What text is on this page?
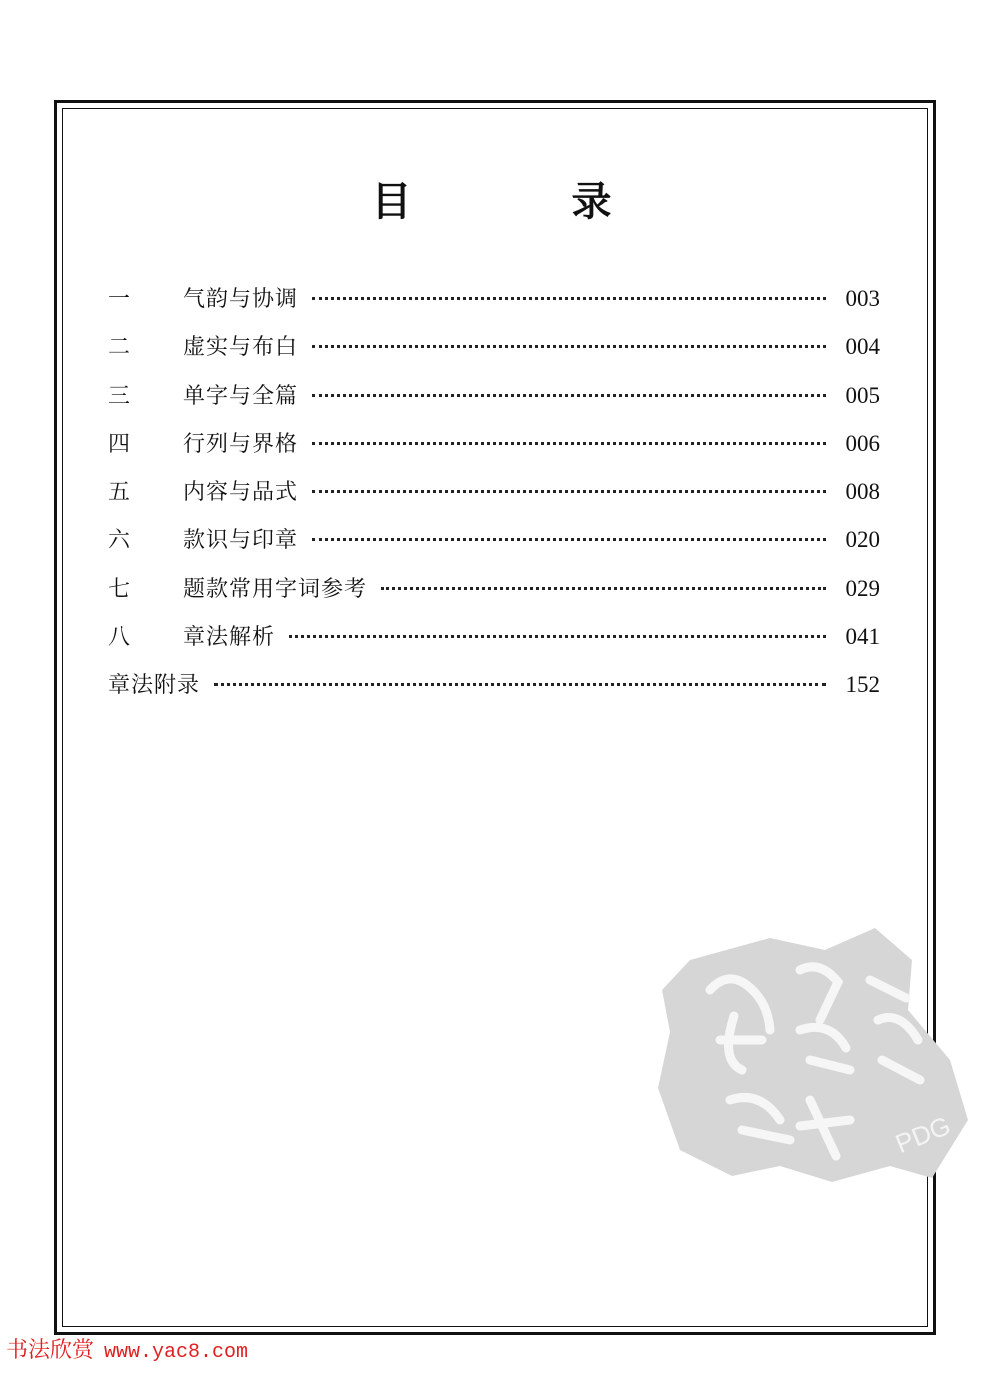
目　录
一	气韵与协调	003
二	虚实与布白	004
三	单字与全篇	005
四	行列与界格	006
五	内容与品式	008
六	款识与印章	020
七	题款常用字词参考	029
八	章法解析	041
章法附录	152
PDG
书法欣赏 www.yac8.com
